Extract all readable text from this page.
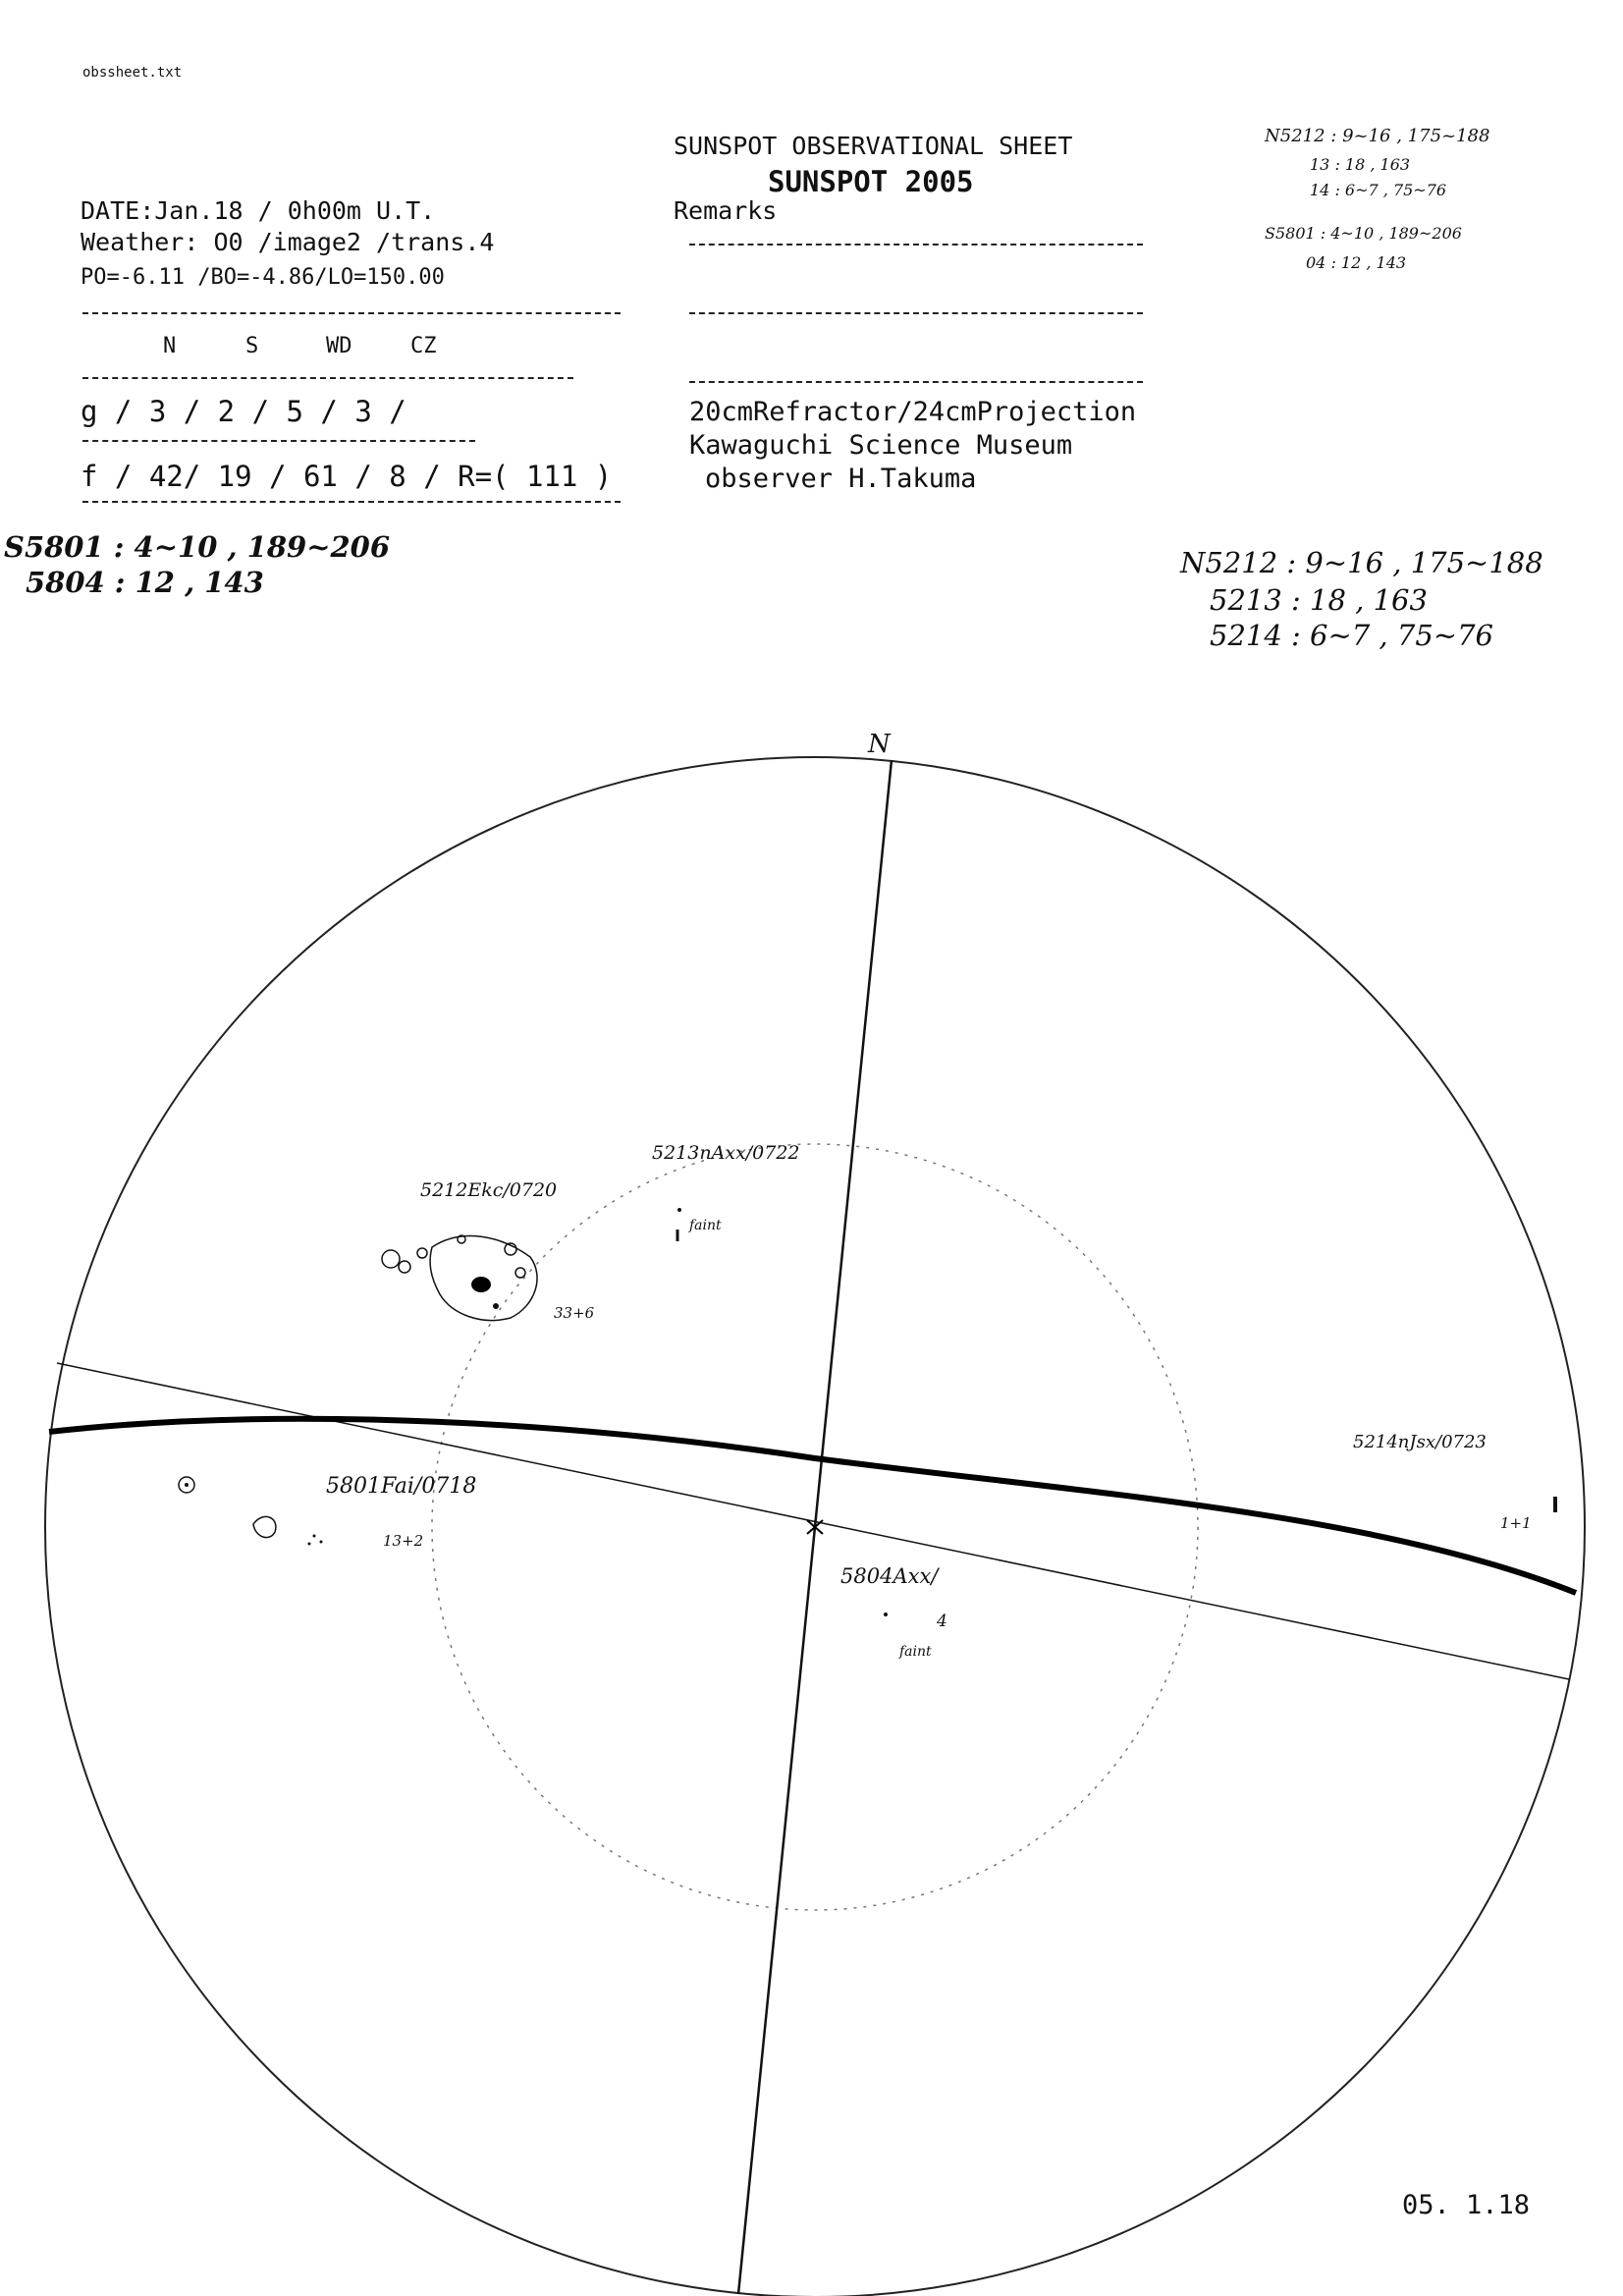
obssheet.txt
SUNSPOT OBSERVATIONAL SHEET
SUNSPOT 2005
Remarks
DATE:Jan.18 / 0h00m U.T.
Weather: O0 /image2 /trans.4
PO=-6.11 /BO=-4.86/LO=150.00
N	S	WD	CZ
g / 3 / 2 / 5 / 3 /
f / 42/ 19 / 61 / 8 / R=( 111 )
20cmRefractor/24cmProjection
Kawaguchi Science Museum
observer H.Takuma
N5212 : 9~16 , 175~188
13 : 18 , 163
14 : 6~7 , 75~76
S5801 : 4~10 , 189~206
04 : 12 , 143
S5801 : 4~10 , 189~206
5804 : 12 , 143
N5212 : 9~16 , 175~188
5213 : 18 , 163
5214 : 6~7 , 75~76
N
5212Ekc/0720
33+6
5213nAxx/0722
faint
5214nJsx/0723
1+1
5801Fai/0718
13+2
5804Axx/
4
faint
05. 1.18
